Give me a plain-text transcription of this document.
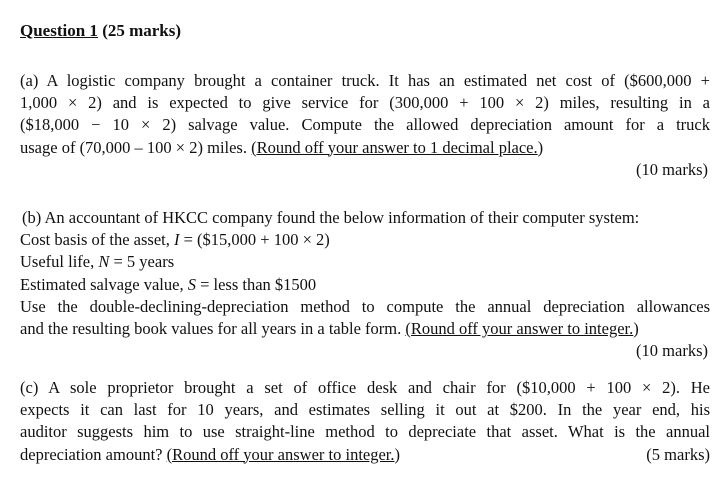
Question 1 (25 marks)
(a) A logistic company brought a container truck. It has an estimated net cost of ($600,000 +
1,000 × 2) and is expected to give service for (300,000 + 100 × 2) miles, resulting in a
($18,000 − 10 × 2) salvage value. Compute the allowed depreciation amount for a truck
usage of (70,000 – 100 × 2) miles. (Round off your answer to 1 decimal place.)
(10 marks)
(b) An accountant of HKCC company found the below information of their computer system:
Cost basis of the asset, I = ($15,000 + 100 × 2)
Useful life, N = 5 years
Estimated salvage value, S = less than $1500
Use the double-declining-depreciation method to compute the annual depreciation allowances
and the resulting book values for all years in a table form. (Round off your answer to integer.)
(10 marks)
(c) A sole proprietor brought a set of office desk and chair for ($10,000 + 100 × 2). He
expects it can last for 10 years, and estimates selling it out at $200. In the year end, his
auditor suggests him to use straight-line method to depreciate that asset. What is the annual
depreciation amount? (Round off your answer to integer.)	(5 marks)
